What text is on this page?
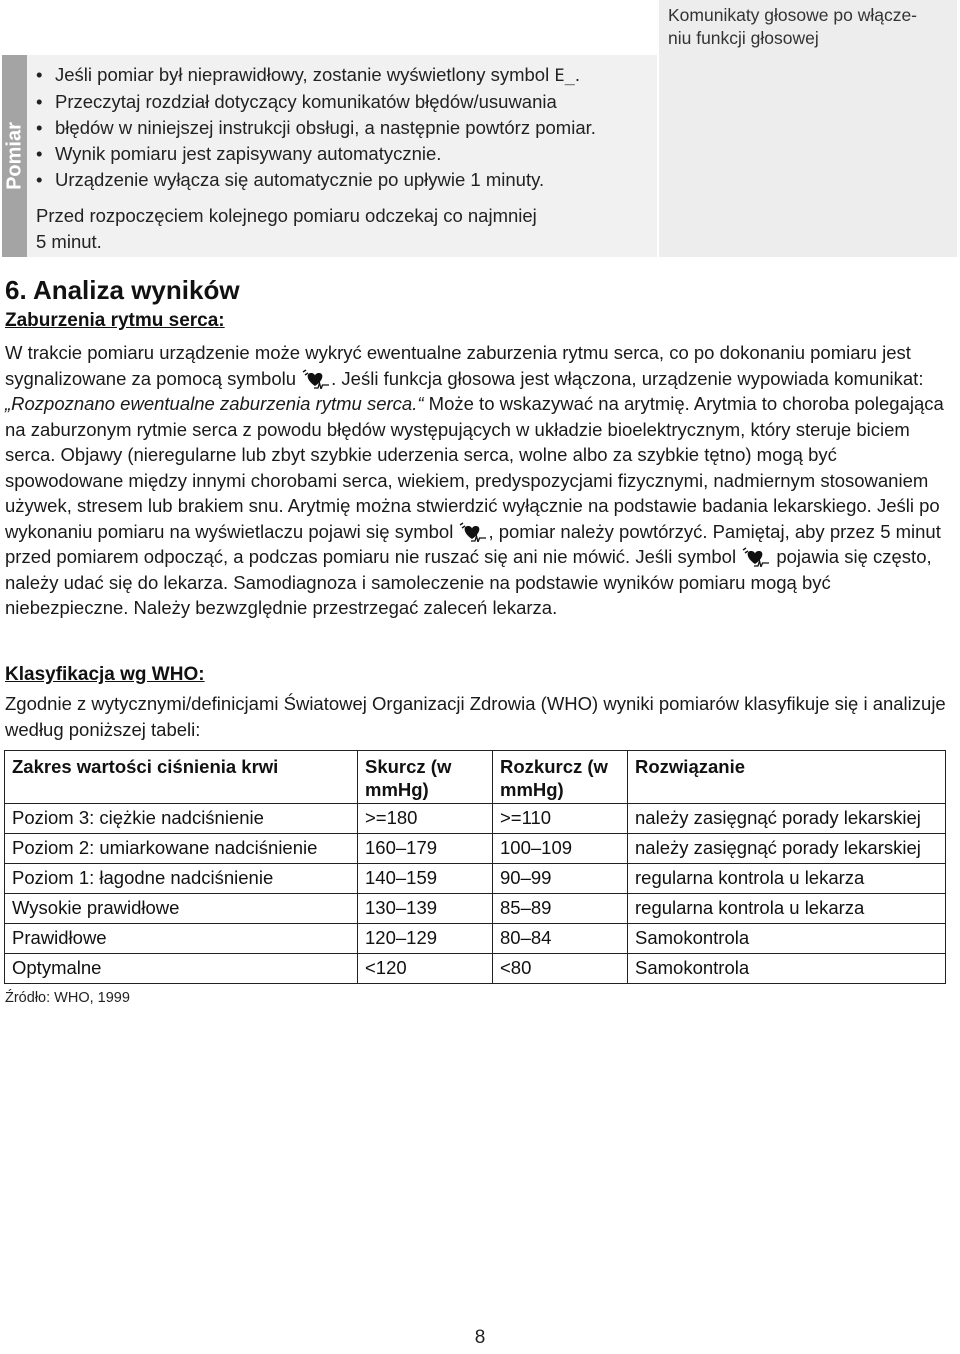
Pomiar
• Jeśli pomiar był nieprawidłowy, zostanie wyświetlony symbol E_.
• Przeczytaj rozdział dotyczący komunikatów błędów/usuwania
• błędów w niniejszej instrukcji obsługi, a następnie powtórz pomiar.
• Wynik pomiaru jest zapisywany automatycznie.
• Urządzenie wyłącza się automatycznie po upływie 1 minuty.
Przed rozpoczęciem kolejnego pomiaru odczekaj co najmniej
5 minut.
Komunikaty głosowe po włącze-
niu funkcji głosowej
6. Analiza wyników
Zaburzenia rytmu serca:

W trakcie pomiaru urządzenie może wykryć ewentualne zaburzenia rytmu serca, co po dokonaniu pomiaru jest sygnalizowane za pomocą symbolu . Jeśli funkcja głosowa jest włączona, urządzenie wypowiada komunikat: „Rozpoznano ewentualne zaburzenia rytmu serca.“ Może to wskazywać na arytmię. Arytmia to choroba polegająca na zaburzonym rytmie serca z powodu błędów występujących w układzie bioelektrycznym, który steruje biciem serca. Objawy (nieregularne lub zbyt szybkie uderzenia serca, wolne albo za szybkie tętno) mogą być spowodowane między innymi chorobami serca, wiekiem, predyspozycjami fizycznymi, nadmiernym stosowaniem używek, stresem lub brakiem snu. Arytmię można stwierdzić wyłącznie na podstawie badania lekarskiego. Jeśli po wykonaniu pomiaru na wyświetlaczu pojawi się symbol , pomiar należy powtórzyć. Pamiętaj, aby przez 5 minut przed pomiarem odpocząć, a podczas pomiaru nie ruszać się ani nie mówić. Jeśli symbol  pojawia się często, należy udać się do lekarza. Samodiagnoza i samoleczenie na podstawie wyników pomiaru mogą być niebezpieczne. Należy bezwzględnie przestrzegać zaleceń lekarza.

Klasyfikacja wg WHO:

Zgodnie z wytycznymi/definicjami Światowej Organizacji Zdrowia (WHO) wyniki pomiarów klasyfikuje się i analizuje według poniższej tabeli:

Zakres wartości ciśnienia krwi	Skurcz (w mmHg)	Rozkurcz (w mmHg)	Rozwiązanie
Poziom 3: ciężkie nadciśnienie	>=180	>=110	należy zasięgnąć porady lekarskiej
Poziom 2: umiarkowane nadciśnienie	160–179	100–109	należy zasięgnąć porady lekarskiej
Poziom 1: łagodne nadciśnienie	140–159	90–99	regularna kontrola u lekarza
Wysokie prawidłowe	130–139	85–89	regularna kontrola u lekarza
Prawidłowe	120–129	80–84	Samokontrola
Optymalne	<120	<80	Samokontrola
Źródło: WHO, 1999
8
